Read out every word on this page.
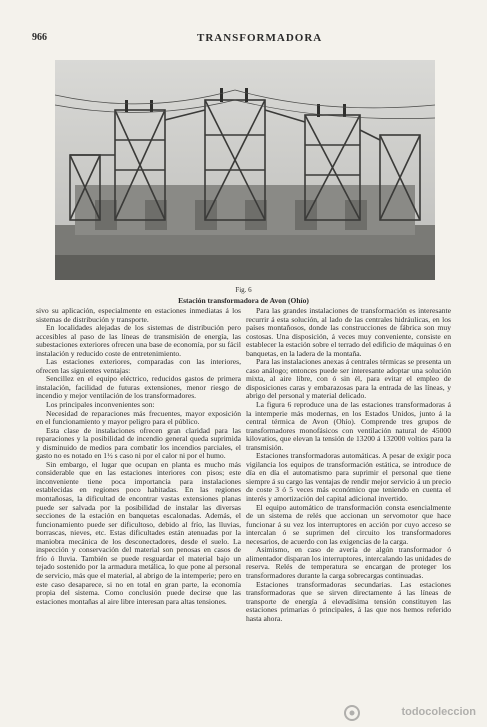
966	TRANSFORMADORA
Fig. 6
Estación transformadora de Avon (Ohío)

sivo su aplicación, especialmente en estaciones inmediatas á los sistemas de distribución y transporte.

En localidades alejadas de los sistemas de distribución pero accesibles al paso de las líneas de transmisión de energía, las subestaciones exteriores ofrecen una base de economía, por su fácil instalación y reducido coste de entretenimiento.

Las estaciones exteriores, comparadas con las interiores, ofrecen las siguientes ventajas:

Sencillez en el equipo eléctrico, reducidos gastos de primera instalación, facilidad de futuras extensiones, menor riesgo de incendio y mejor ventilación de los transformadores.

Los principales inconvenientes son:

Necesidad de reparaciones más frecuentes, mayor exposición en el funcionamiento y mayor peligro para el público.

Esta clase de instalaciones ofrecen gran claridad para las reparaciones y la posibilidad de incendio general queda suprimida y disminuido de medios para combatir los incendios parciales, el gasto no es notado en 1½ s caso ni por el calor ni por el humo.

Sin embargo, el lugar que ocupan en planta es mucho más considerable que en las estaciones interiores con pisos; este inconveniente tiene poca importancia para instalaciones establecidas en regiones poco habitadas. En las regiones montañosas, la dificultad de encontrar vastas extensiones planas puede ser salvada por la posibilidad de instalar las diversas secciones de la estación en banquetas escalonadas. Además, el funcionamiento puede ser dificultoso, debido al frío, las lluvias, borrascas, nieves, etc. Estas dificultades están atenuadas por la maniobra mecánica de los desconectadores, desde el suelo. La inspección y conservación del material son penosas en casos de frío ó lluvia. También se puede resguardar el material bajo un tejado sostenido por la armadura metálica, lo que pone al personal de servicio, más que el material, al abrigo de la intemperie; pero en este caso desaparece, si no en total en gran parte, la economía propia del sistema. Como conclusión puede decirse que las estaciones montañas al aire libre interesan para altas tensiones.

Para las grandes instalaciones de transformación es interesante recurrir á esta solución, al lado de las centrales hidráulicas, en los países montañosos, donde las construcciones de fábrica son muy costosas. Una disposición, á veces muy conveniente, consiste en establecer la estación sobre el terrado del edificio de máquinas ó en banquetas, en la ladera de la montaña.

Para las instalaciones anexas á centrales térmicas se presenta un caso análogo; entonces puede ser interesante adoptar una solución mixta, al aire libre, con ó sin él, para evitar el empleo de disposiciones caras y embarazosas para la entrada de las líneas, y abrigo del personal y material delicado.

La figura 6 reproduce una de las estaciones transformadoras á la intemperie más modernas, en los Estados Unidos, junto á la central térmica de Avon (Ohío). Comprende tres grupos de transformadores monofásicos con ventilación natural de 45000 kilovatios, que elevan la tensión de 13200 á 132000 voltios para la transmisión.

Estaciones transformadoras automáticas. A pesar de exigir poca vigilancia los equipos de transformación estática, se introduce de día en día el automatismo para suprimir el personal que tiene siempre á su cargo las ventajas de rendir mejor servicio á un precio de coste 3 ó 5 veces más económico que teniendo en cuenta el interés y amortización del capital adicional invertido.

El equipo automático de transformación consta esencialmente de un sistema de relés que accionan un servomotor que hace funcionar á su vez los interruptores en acción por cuyo acceso se intercalan ó se suprimen del circuito los transformadores necesarios, de acuerdo con las exigencias de la carga.

Asimismo, en caso de avería de algún transformador ó alimentador disparan los interruptores, intercalando las unidades de reserva. Relés de temperatura se encargan de proteger los transformadores durante la carga sobrecargas continuadas.

Estaciones transformadoras secundarias. Las estaciones transformadoras que se sirven directamente á las líneas de transporte de energía á elevadísima tensión constituyen las estaciones primarias ó principales, á las que nos hemos referido hasta ahora.

todocoleccion
